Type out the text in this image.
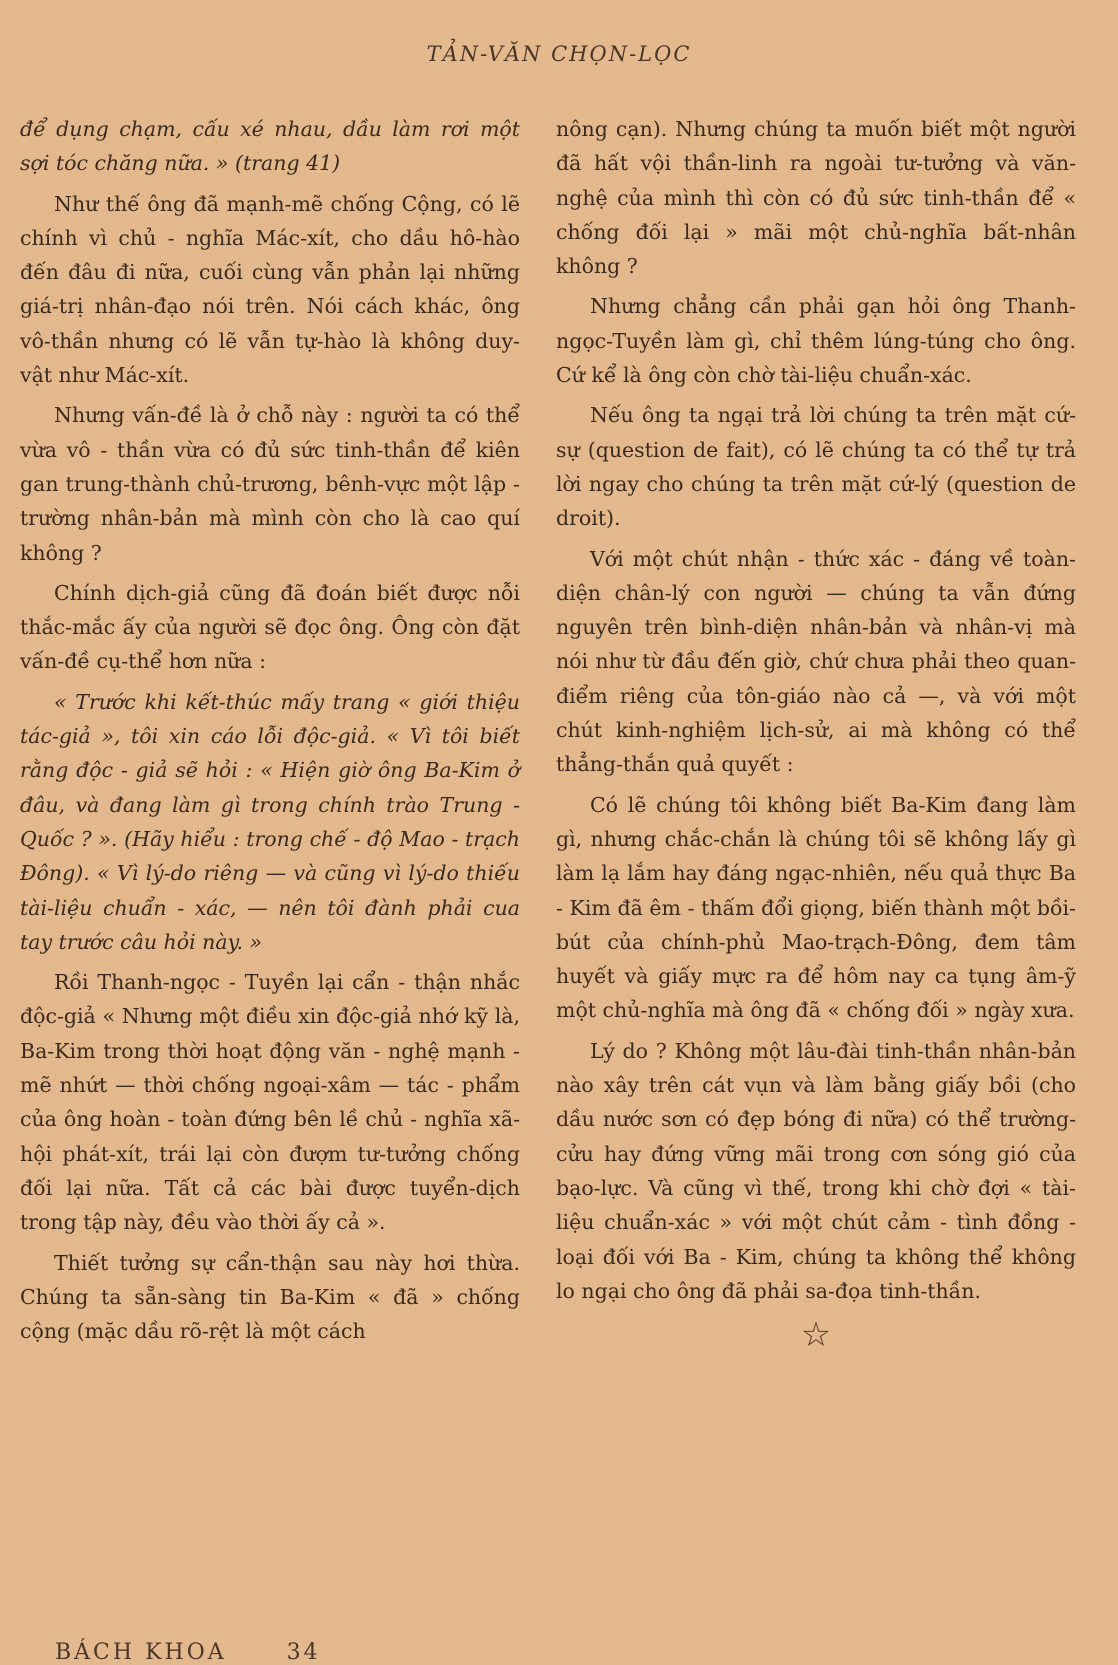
TẢN-VĂN CHỌN-LỌC

để dụng chạm, cấu xé nhau, dầu làm rơi một sợi tóc chăng nữa. » (trang 41)

Như thế ông đã mạnh-mẽ chống Cộng, có lẽ chính vì chủ - nghĩa Mác-xít, cho dầu hô-hào đến đâu đi nữa, cuối cùng vẫn phản lại những giá-trị nhân-đạo nói trên. Nói cách khác, ông vô-thần nhưng có lẽ vẫn tự-hào là không duy-vật như Mác-xít.

Nhưng vấn-đề là ở chỗ này : người ta có thể vừa vô - thần vừa có đủ sức tinh-thần để kiên gan trung-thành chủ-trương, bênh-vực một lập - trường nhân-bản mà mình còn cho là cao quí không ?

Chính dịch-giả cũng đã đoán biết được nỗi thắc-mắc ấy của người sẽ đọc ông. Ông còn đặt vấn-đề cụ-thể hơn nữa :

« Trước khi kết-thúc mấy trang « giới thiệu tác-giả », tôi xin cáo lỗi độc-giả. « Vì tôi biết rằng độc - giả sẽ hỏi : « Hiện giờ ông Ba-Kim ở đâu, và đang làm gì trong chính trào Trung - Quốc ? ». (Hãy hiểu : trong chế - độ Mao - trạch Đông). « Vì lý-do riêng — và cũng vì lý-do thiếu tài-liệu chuẩn - xác, — nên tôi đành phải cua tay trước câu hỏi này. »

Rồi Thanh-ngọc - Tuyền lại cẩn - thận nhắc độc-giả « Nhưng một điều xin độc-giả nhớ kỹ là, Ba-Kim trong thời hoạt động văn - nghệ mạnh - mẽ nhứt — thời chống ngoại-xâm — tác - phẩm của ông hoàn - toàn đứng bên lề chủ - nghĩa xã-hội phát-xít, trái lại còn đượm tư-tưởng chống đối lại nữa. Tất cả các bài được tuyển-dịch trong tập này, đều vào thời ấy cả ».

Thiết tưởng sự cẩn-thận sau này hơi thừa. Chúng ta sẵn-sàng tin Ba-Kim « đã » chống cộng (mặc dầu rõ-rệt là một cách

nông cạn). Nhưng chúng ta muốn biết một người đã hất vội thần-linh ra ngoài tư-tưởng và văn-nghệ của mình thì còn có đủ sức tinh-thần để « chống đối lại » mãi một chủ-nghĩa bất-nhân không ?

Nhưng chẳng cần phải gạn hỏi ông Thanh-ngọc-Tuyền làm gì, chỉ thêm lúng-túng cho ông. Cứ kể là ông còn chờ tài-liệu chuẩn-xác.

Nếu ông ta ngại trả lời chúng ta trên mặt cứ-sự (question de fait), có lẽ chúng ta có thể tự trả lời ngay cho chúng ta trên mặt cứ-lý (question de droit).

Với một chút nhận - thức xác - đáng về toàn-diện chân-lý con người — chúng ta vẫn đứng nguyên trên bình-diện nhân-bản và nhân-vị mà nói như từ đầu đến giờ, chứ chưa phải theo quan-điểm riêng của tôn-giáo nào cả —, và với một chút kinh-nghiệm lịch-sử, ai mà không có thể thẳng-thắn quả quyết :

Có lẽ chúng tôi không biết Ba-Kim đang làm gì, nhưng chắc-chắn là chúng tôi sẽ không lấy gì làm lạ lắm hay đáng ngạc-nhiên, nếu quả thực Ba - Kim đã êm - thấm đổi giọng, biến thành một bồi-bút của chính-phủ Mao-trạch-Đông, đem tâm huyết và giấy mực ra để hôm nay ca tụng âm-ỹ một chủ-nghĩa mà ông đã « chống đối » ngày xưa.

Lý do ? Không một lâu-đài tinh-thần nhân-bản nào xây trên cát vụn và làm bằng giấy bồi (cho dầu nước sơn có đẹp bóng đi nữa) có thể trường-cửu hay đứng vững mãi trong cơn sóng gió của bạo-lực. Và cũng vì thế, trong khi chờ đợi « tài-liệu chuẩn-xác » với một chút cảm - tình đồng - loại đối với Ba - Kim, chúng ta không thể không lo ngại cho ông đã phải sa-đọa tinh-thần.

☆
BÁCH KHOA	34
